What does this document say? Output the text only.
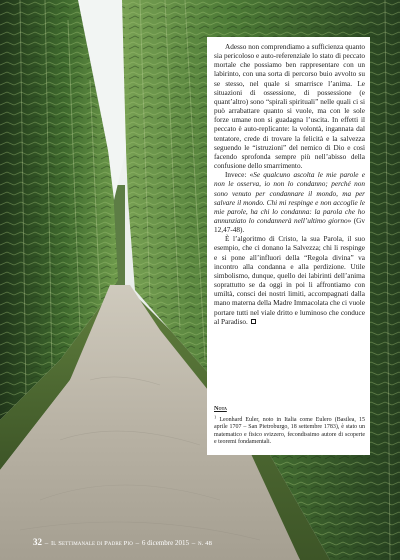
Adesso non comprendiamo a sufficienza quanto sia pericoloso e auto-referenziale lo stato di peccato mortale che possiamo ben rappresentare con un labirinto, con una sorta di percorso buio avvolto su se stesso, nel quale si smarrisce l’anima. Le situazioni di ossessione, di possessione (e quant’altro) sono “spirali spirituali” nelle quali ci si può arrabattare quanto si vuole, ma con le sole forze umane non si guadagna l’uscita. In effetti il peccato è auto-replicante: la volontà, ingannata dal tentatore, crede di trovare la felicità e la salvezza seguendo le “istruzioni” del nemico di Dio e così facendo sprofonda sempre più nell’abisso della confusione dello smarrimento.

Invece: «Se qualcuno ascolta le mie parole e non le osserva, io non lo condanno; perché non sono venuto per condannare il mondo, ma per salvare il mondo. Chi mi respinge e non accoglie le mie parole, ha chi lo condanna: la parola che ho annunziato lo condannerà nell’ultimo giorno» (Gv 12,47-48).

È l’algoritmo di Cristo, la sua Parola, il suo esempio, che ci donano la Salvezza; chi li respinge e si pone all’influori della “Regola divina” va incontro alla condanna e alla perdizione. Utile simbolismo, dunque, quello dei labirinti dell’anima soprattutto se da oggi in poi li affrontiamo con umiltà, consci dei nostri limiti, accompagnati dalla mano materna della Madre Immacolata che ci vuole portare tutti nel viale dritto e luminoso che conduce al Paradiso.

Nota
$^1$ Leonhard Euler, noto in Italia come Eulero (Basilea, 15 aprile 1707 – San Pietroburgo, 18 settembre 1783), è stato un matematico e fisico svizzero, fecondissimo autore di scoperte e teoremi fondamentali.
32 – Il Settimanale di Padre Pio – 6 dicembre 2015 – n. 48
